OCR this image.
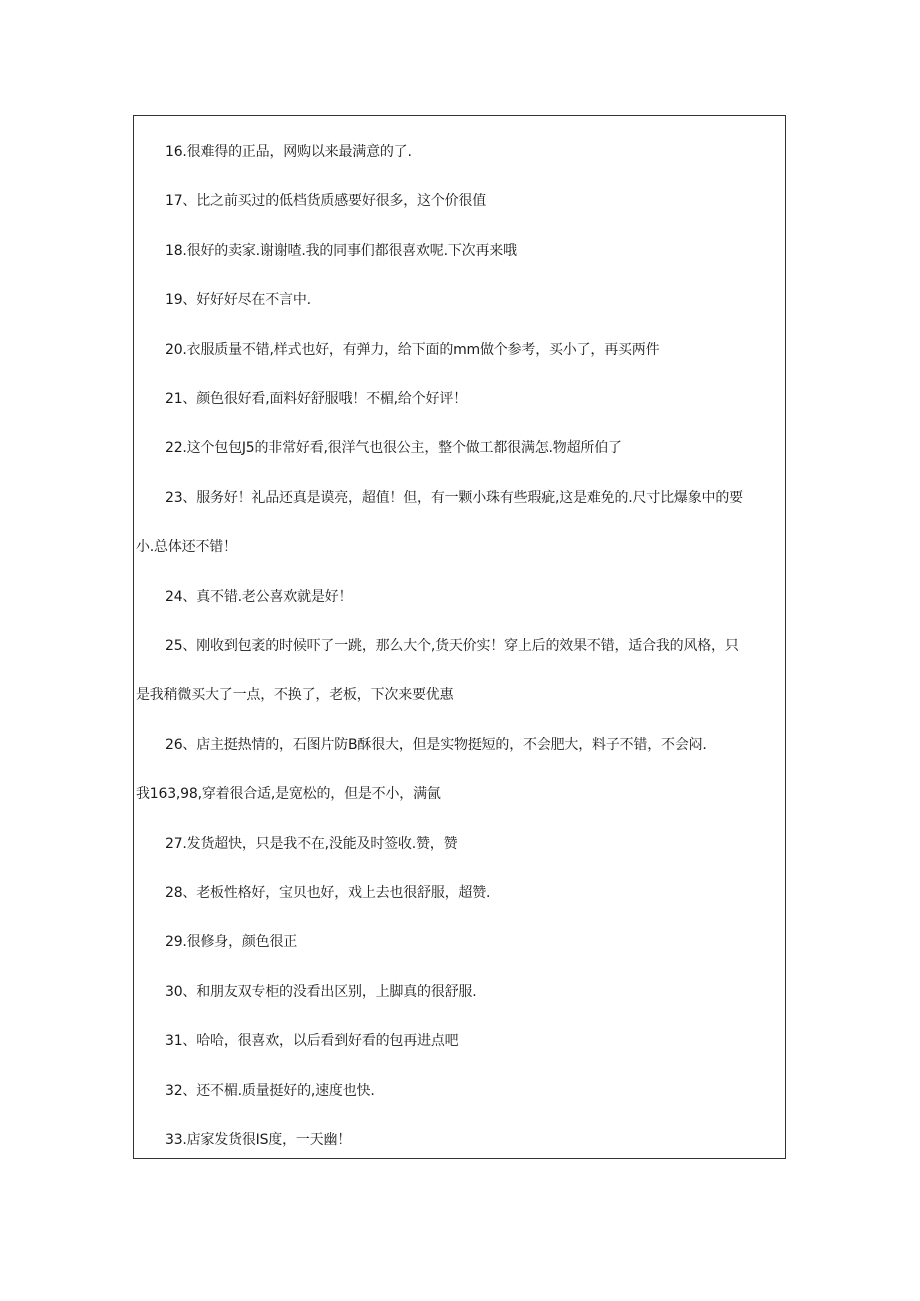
16.很难得的正品，网购以来最满意的了.
17、比之前买过的低档货质感要好很多，这个价很值
18.很好的卖家.谢谢喳.我的同事们都很喜欢呢.下次再来哦
19、好好好尽在不言中.
20.衣服质量不错,样式也好，有弹力，给下面的mm做个参考，买小了，再买两件
21、颜色很好看,面料好舒服哦！不楣,给个好评！
22.这个包包J5的非常好看,很洋气也很公主，整个做工都很满怎.物超所伯了
23、服务好！礼品还真是谟亮，超值！但，有一颗小珠有些瑕疵,这是难免的.尺寸比爆象中的要
小.总体还不错！
24、真不错.老公喜欢就是好！
25、刚收到包袤的时候吓了一跳，那么大个,货天价实！穿上后的效果不错，适合我的风格，只
是我稍微买大了一点，不换了，老板，下次来要优惠
26、店主挺热情的，石图片防B酥很大，但是实物挺短的，不会肥大，料子不错，不会闷.
我163,98,穿着很合适,是宽松的，但是不小，满氤
27.发货超快，只是我不在,没能及时签收.赞，赞
28、老板性格好，宝贝也好，戏上去也很舒服，超赞.
29.很修身，颜色很正
30、和朋友双专柜的没看出区别，上脚真的很舒服.
31、哈哈，很喜欢，以后看到好看的包再进点吧
32、还不楣.质量挺好的,速度也快.
33.店家发货很IS度，一天幽！
